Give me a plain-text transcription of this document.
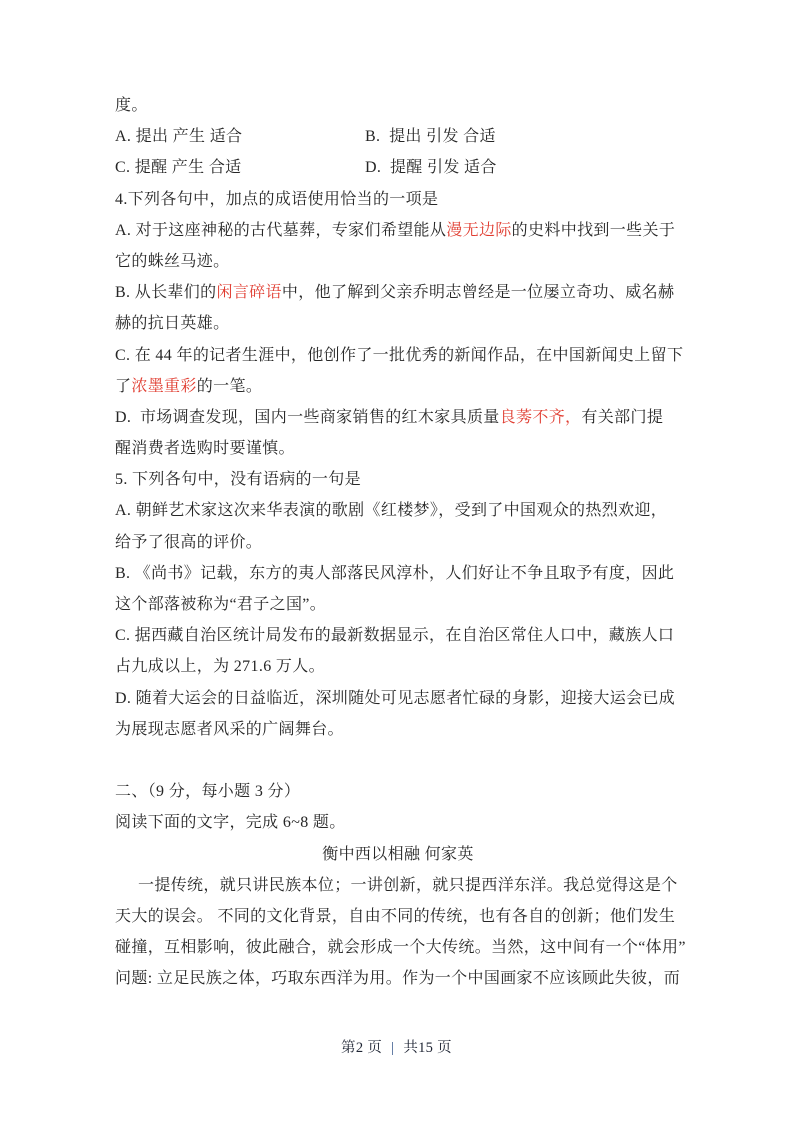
度。
A. 提出 产生 适合	B.  提出 引发 合适
C. 提醒 产生 合适	D.  提醒 引发 适合
4.下列各句中，加点的成语使用恰当的一项是
A. 对于这座神秘的古代墓葬，专家们希望能从漫无边际的史料中找到一些关于
它的蛛丝马迹。
B. 从长辈们的闲言碎语中，他了解到父亲乔明志曾经是一位屡立奇功、威名赫
赫的抗日英雄。
C. 在 44 年的记者生涯中，他创作了一批优秀的新闻作品，在中国新闻史上留下
了浓墨重彩的一笔。
D.  市场调查发现，国内一些商家销售的红木家具质量良莠不齐，有关部门提
醒消费者选购时要谨慎。
5. 下列各句中，没有语病的一句是
A. 朝鲜艺术家这次来华表演的歌剧《红楼梦》，受到了中国观众的热烈欢迎，
给予了很高的评价。
B. 《尚书》记载，东方的夷人部落民风淳朴，人们好让不争且取予有度，因此
这个部落被称为“君子之国”。
C. 据西藏自治区统计局发布的最新数据显示，在自治区常住人口中，藏族人口
占九成以上，为 271.6 万人。
D. 随着大运会的日益临近，深圳随处可见志愿者忙碌的身影，迎接大运会已成
为展现志愿者风采的广阔舞台。
二、（9 分，每小题 3 分）
阅读下面的文字，完成 6~8 题。
衡中西以相融 何家英
一提传统，就只讲民族本位；一讲创新，就只提西洋东洋。我总觉得这是个
天大的误会。 不同的文化背景，自由不同的传统，也有各自的创新；他们发生
碰撞，互相影响，彼此融合，就会形成一个大传统。当然，这中间有一个“体用”
问题: 立足民族之体，巧取东西洋为用。作为一个中国画家不应该顾此失彼，而
第2 页 | 共15 页
